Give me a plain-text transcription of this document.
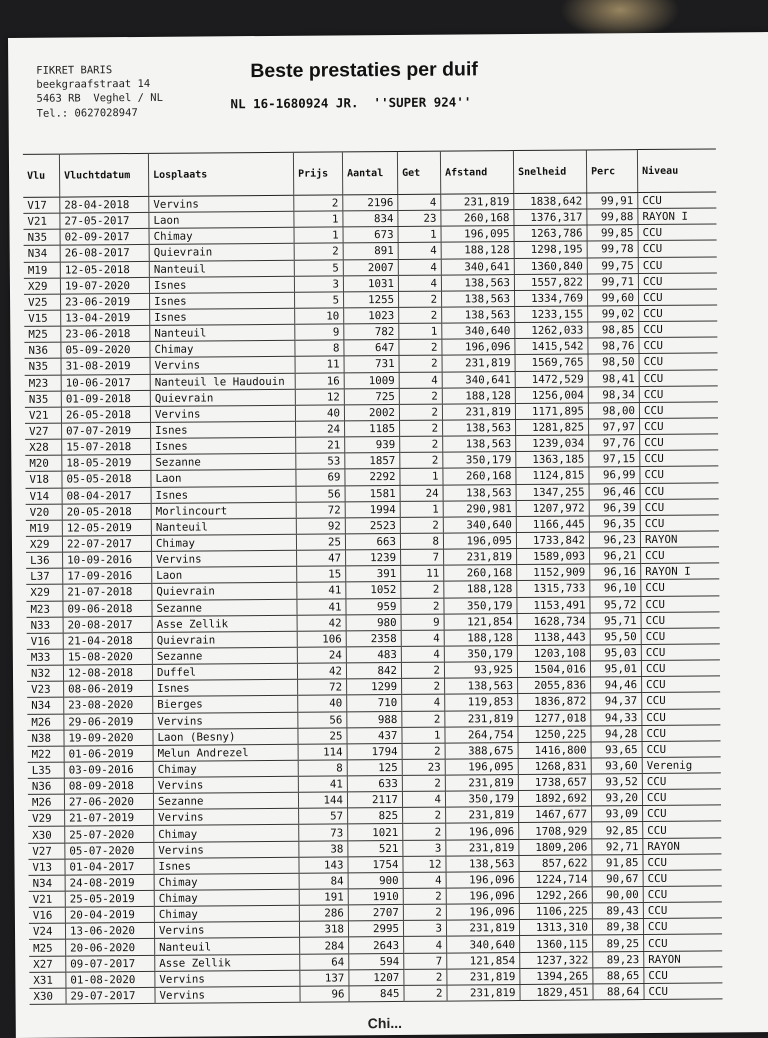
FIKRET BARIS
beekgraafstraat 14
5463 RB  Veghel / NL
Tel.: 0627028947
Beste prestaties per duif
NL 16-1680924 JR.  ''SUPER 924''
Vlu	Vluchtdatum	Losplaats	Prijs	Aantal	Get	Afstand	Snelheid	Perc	Niveau
V17	28-04-2018	Vervins	2	2196	4	231,819	1838,642	99,91	CCU
V21	27-05-2017	Laon	1	834	23	260,168	1376,317	99,88	RAYON I
N35	02-09-2017	Chimay	1	673	1	196,095	1263,786	99,85	CCU
N34	26-08-2017	Quievrain	2	891	4	188,128	1298,195	99,78	CCU
M19	12-05-2018	Nanteuil	5	2007	4	340,641	1360,840	99,75	CCU
X29	19-07-2020	Isnes	3	1031	4	138,563	1557,822	99,71	CCU
V25	23-06-2019	Isnes	5	1255	2	138,563	1334,769	99,60	CCU
V15	13-04-2019	Isnes	10	1023	2	138,563	1233,155	99,02	CCU
M25	23-06-2018	Nanteuil	9	782	1	340,640	1262,033	98,85	CCU
N36	05-09-2020	Chimay	8	647	2	196,096	1415,542	98,76	CCU
N35	31-08-2019	Vervins	11	731	2	231,819	1569,765	98,50	CCU
M23	10-06-2017	Nanteuil le Haudouin	16	1009	4	340,641	1472,529	98,41	CCU
N35	01-09-2018	Quievrain	12	725	2	188,128	1256,004	98,34	CCU
V21	26-05-2018	Vervins	40	2002	2	231,819	1171,895	98,00	CCU
V27	07-07-2019	Isnes	24	1185	2	138,563	1281,825	97,97	CCU
X28	15-07-2018	Isnes	21	939	2	138,563	1239,034	97,76	CCU
M20	18-05-2019	Sezanne	53	1857	2	350,179	1363,185	97,15	CCU
V18	05-05-2018	Laon	69	2292	1	260,168	1124,815	96,99	CCU
V14	08-04-2017	Isnes	56	1581	24	138,563	1347,255	96,46	CCU
V20	20-05-2018	Morlincourt	72	1994	1	290,981	1207,972	96,39	CCU
M19	12-05-2019	Nanteuil	92	2523	2	340,640	1166,445	96,35	CCU
X29	22-07-2017	Chimay	25	663	8	196,095	1733,842	96,23	RAYON
L36	10-09-2016	Vervins	47	1239	7	231,819	1589,093	96,21	CCU
L37	17-09-2016	Laon	15	391	11	260,168	1152,909	96,16	RAYON I
X29	21-07-2018	Quievrain	41	1052	2	188,128	1315,733	96,10	CCU
M23	09-06-2018	Sezanne	41	959	2	350,179	1153,491	95,72	CCU
N33	20-08-2017	Asse Zellik	42	980	9	121,854	1628,734	95,71	CCU
V16	21-04-2018	Quievrain	106	2358	4	188,128	1138,443	95,50	CCU
M33	15-08-2020	Sezanne	24	483	4	350,179	1203,108	95,03	CCU
N32	12-08-2018	Duffel	42	842	2	93,925	1504,016	95,01	CCU
V23	08-06-2019	Isnes	72	1299	2	138,563	2055,836	94,46	CCU
N34	23-08-2020	Bierges	40	710	4	119,853	1836,872	94,37	CCU
M26	29-06-2019	Vervins	56	988	2	231,819	1277,018	94,33	CCU
N38	19-09-2020	Laon (Besny)	25	437	1	264,754	1250,225	94,28	CCU
M22	01-06-2019	Melun Andrezel	114	1794	2	388,675	1416,800	93,65	CCU
L35	03-09-2016	Chimay	8	125	23	196,095	1268,831	93,60	Verenig
N36	08-09-2018	Vervins	41	633	2	231,819	1738,657	93,52	CCU
M26	27-06-2020	Sezanne	144	2117	4	350,179	1892,692	93,20	CCU
V29	21-07-2019	Vervins	57	825	2	231,819	1467,677	93,09	CCU
X30	25-07-2020	Chimay	73	1021	2	196,096	1708,929	92,85	CCU
V27	05-07-2020	Vervins	38	521	3	231,819	1809,206	92,71	RAYON
V13	01-04-2017	Isnes	143	1754	12	138,563	857,622	91,85	CCU
N34	24-08-2019	Chimay	84	900	4	196,096	1224,714	90,67	CCU
V21	25-05-2019	Chimay	191	1910	2	196,096	1292,266	90,00	CCU
V16	20-04-2019	Chimay	286	2707	2	196,096	1106,225	89,43	CCU
V24	13-06-2020	Vervins	318	2995	3	231,819	1313,310	89,38	CCU
M25	20-06-2020	Nanteuil	284	2643	4	340,640	1360,115	89,25	CCU
X27	09-07-2017	Asse Zellik	64	594	7	121,854	1237,322	89,23	RAYON
X31	01-08-2020	Vervins	137	1207	2	231,819	1394,265	88,65	CCU
X30	29-07-2017	Vervins	96	845	2	231,819	1829,451	88,64	CCU
Chi...
